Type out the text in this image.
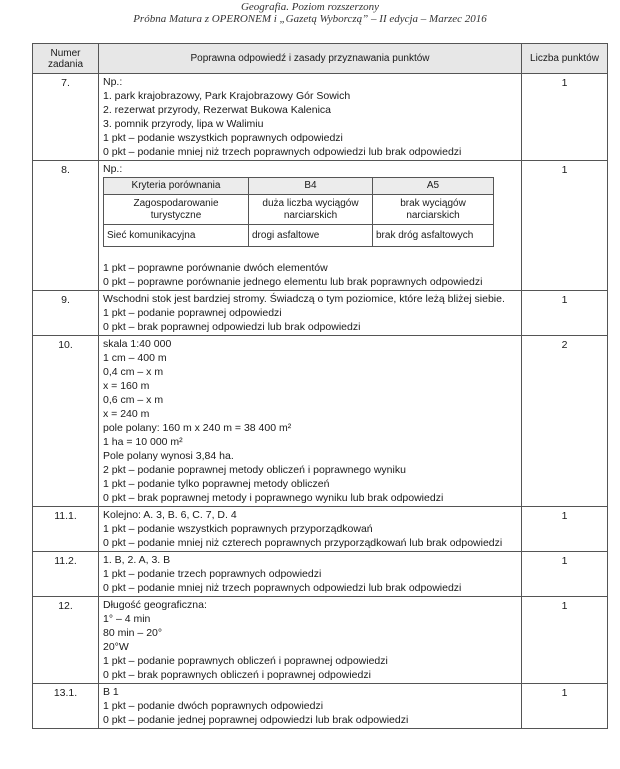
Geografia. Poziom rozszerzony
Próbna Matura z OPERONEM i „Gazetą Wyborczą” – II edycja – Marzec 2016
Numer zadania	Poprawna odpowiedź i zasady przyznawania punktów	Liczba punktów
7.	Np.:
1. park krajobrazowy, Park Krajobrazowy Gór Sowich
2. rezerwat przyrody, Rezerwat Bukowa Kalenica
3. pomnik przyrody, lipa w Walimiu
1 pkt – podanie wszystkich poprawnych odpowiedzi
0 pkt – podanie mniej niż trzech poprawnych odpowiedzi lub brak odpowiedzi
	1
8.	Np.:
Kryteria porównania	B4	A5
Zagospodarowanie turystyczne	duża liczba wyciągów narciarskich	brak wyciągów narciarskich
Sieć komunikacyjna	drogi asfaltowe	brak dróg asfaltowych
1 pkt – poprawne porównanie dwóch elementów
0 pkt – poprawne porównanie jednego elementu lub brak poprawnych odpowiedzi
	1
9.	Wschodni stok jest bardziej stromy. Świadczą o tym poziomice, które leżą bliżej siebie.
1 pkt – podanie poprawnej odpowiedzi
0 pkt – brak poprawnej odpowiedzi lub brak odpowiedzi
	1
10.	skala 1:40 000
1 cm – 400 m
0,4 cm – x m
x = 160 m
0,6 cm – x m
x = 240 m
pole polany: 160 m x 240 m = 38 400 m²
1 ha = 10 000 m²
Pole polany wynosi 3,84 ha.
2 pkt – podanie poprawnej metody obliczeń i poprawnego wyniku
1 pkt – podanie tylko poprawnej metody obliczeń
0 pkt – brak poprawnej metody i poprawnego wyniku lub brak odpowiedzi
	2
11.1.	Kolejno: A. 3, B. 6, C. 7, D. 4
1 pkt – podanie wszystkich poprawnych przyporządkowań
0 pkt – podanie mniej niż czterech poprawnych przyporządkowań lub brak odpowiedzi
	1
11.2.	1. B, 2. A, 3. B
1 pkt – podanie trzech poprawnych odpowiedzi
0 pkt – podanie mniej niż trzech poprawnych odpowiedzi lub brak odpowiedzi
	1
12.	Długość geograficzna:
1° – 4 min
80 min – 20°
20°W
1 pkt – podanie poprawnych obliczeń i poprawnej odpowiedzi
0 pkt – brak poprawnych obliczeń i poprawnej odpowiedzi
	1
13.1.	B 1
1 pkt – podanie dwóch poprawnych odpowiedzi
0 pkt – podanie jednej poprawnej odpowiedzi lub brak odpowiedzi
	1
